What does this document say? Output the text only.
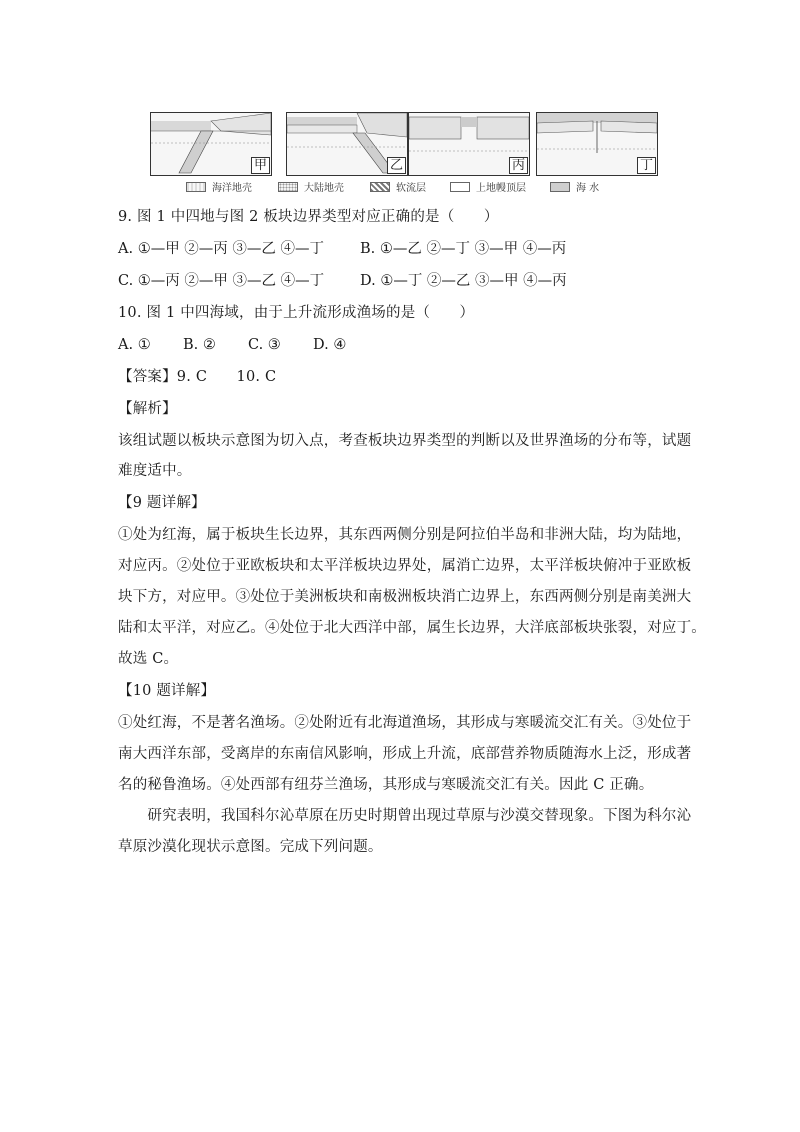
甲	乙	丙	丁
海洋地壳	大陆地壳	软流层	上地幔顶层	海 水
9. 图 1 中四地与图 2 板块边界类型对应正确的是（　　）
A. ①—甲 ②—丙 ③—乙 ④—丁 B. ①—乙 ②—丁 ③—甲 ④—丙
C. ①—丙 ②—甲 ③—乙 ④—丁 D. ①—丁 ②—乙 ③—甲 ④—丙
10. 图 1 中四海域，由于上升流形成渔场的是（　　）
A. ① B. ② C. ③ D. ④
【答案】9. C　　10. C
【解析】
该组试题以板块示意图为切入点，考查板块边界类型的判断以及世界渔场的分布等，试题
难度适中。
【9 题详解】
①处为红海，属于板块生长边界，其东西两侧分别是阿拉伯半岛和非洲大陆，均为陆地，
对应丙。②处位于亚欧板块和太平洋板块边界处，属消亡边界，太平洋板块俯冲于亚欧板
块下方，对应甲。③处位于美洲板块和南极洲板块消亡边界上，东西两侧分别是南美洲大
陆和太平洋，对应乙。④处位于北大西洋中部，属生长边界，大洋底部板块张裂，对应丁。
故选 C。
【10 题详解】
①处红海，不是著名渔场。②处附近有北海道渔场，其形成与寒暖流交汇有关。③处位于
南大西洋东部，受离岸的东南信风影响，形成上升流，底部营养物质随海水上泛，形成著
名的秘鲁渔场。④处西部有纽芬兰渔场，其形成与寒暖流交汇有关。因此 C 正确。
　　研究表明，我国科尔沁草原在历史时期曾出现过草原与沙漠交替现象。下图为科尔沁
草原沙漠化现状示意图。完成下列问题。
